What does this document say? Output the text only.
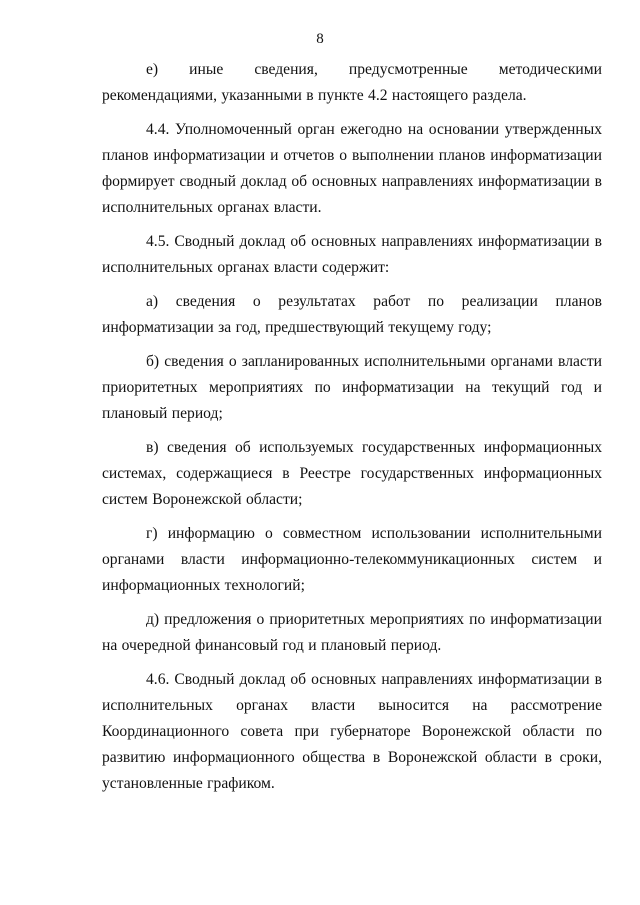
8

е) иные сведения, предусмотренные методическими рекомендациями, указанными в пункте 4.2 настоящего раздела.

4.4. Уполномоченный орган ежегодно на основании утвержденных планов информатизации и отчетов о выполнении планов информатизации формирует сводный доклад об основных направлениях информатизации в исполнительных органах власти.

4.5. Сводный доклад об основных направлениях информатизации в исполнительных органах власти содержит:

а) сведения о результатах работ по реализации планов информатизации за год, предшествующий текущему году;

б) сведения о запланированных исполнительными органами власти приоритетных мероприятиях по информатизации на текущий год и плановый период;

в) сведения об используемых государственных информационных системах, содержащиеся в Реестре государственных информационных систем Воронежской области;

г) информацию о совместном использовании исполнительными органами власти информационно-телекоммуникационных систем и информационных технологий;

д) предложения о приоритетных мероприятиях по информатизации на очередной финансовый год и плановый период.

4.6. Сводный доклад об основных направлениях информатизации в исполнительных органах власти выносится на рассмотрение Координационного совета при губернаторе Воронежской области по развитию информационного общества в Воронежской области в сроки, установленные графиком.
